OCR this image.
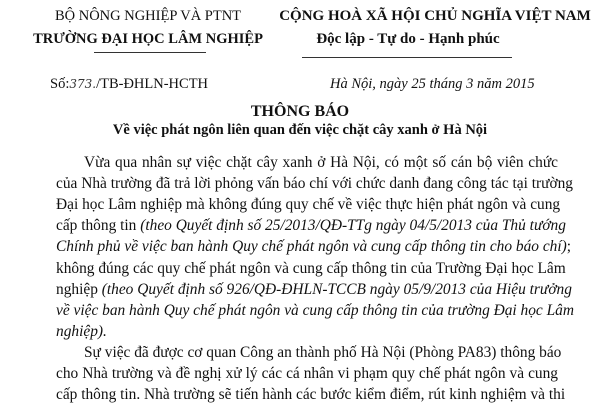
BỘ NÔNG NGHIỆP VÀ PTNT
TRƯỜNG ĐẠI HỌC LÂM NGHIỆP
CỘNG HOÀ XÃ HỘI CHỦ NGHĨA VIỆT NAM
Độc lập - Tự do - Hạnh phúc
Số:373./TB-ĐHLN-HCTH	Hà Nội, ngày 25 tháng 3 năm 2015
THÔNG BÁO
Về việc phát ngôn liên quan đến việc chặt cây xanh ở Hà Nội
Vừa qua nhân sự việc chặt cây xanh ở Hà Nội, có một số cán bộ viên chức
của Nhà trường đã trả lời phỏng vấn báo chí với chức danh đang công tác tại trường
Đại học Lâm nghiệp mà không đúng quy chế về việc thực hiện phát ngôn và cung
cấp thông tin (theo Quyết định số 25/2013/QĐ-TTg ngày 04/5/2013 của Thủ tướng
Chính phủ về việc ban hành Quy chế phát ngôn và cung cấp thông tin cho báo chí);
không đúng các quy chế phát ngôn và cung cấp thông tin của Trường Đại học Lâm
nghiệp (theo Quyết định số 926/QĐ-ĐHLN-TCCB ngày 05/9/2013 của Hiệu trưởng
về việc ban hành Quy chế phát ngôn và cung cấp thông tin của trường Đại học Lâm
nghiệp).
Sự việc đã được cơ quan Công an thành phố Hà Nội (Phòng PA83) thông báo
cho Nhà trường và đề nghị xử lý các cá nhân vi phạm quy chế phát ngôn và cung
cấp thông tin. Nhà trường sẽ tiến hành các bước kiểm điểm, rút kinh nghiệm và thi
